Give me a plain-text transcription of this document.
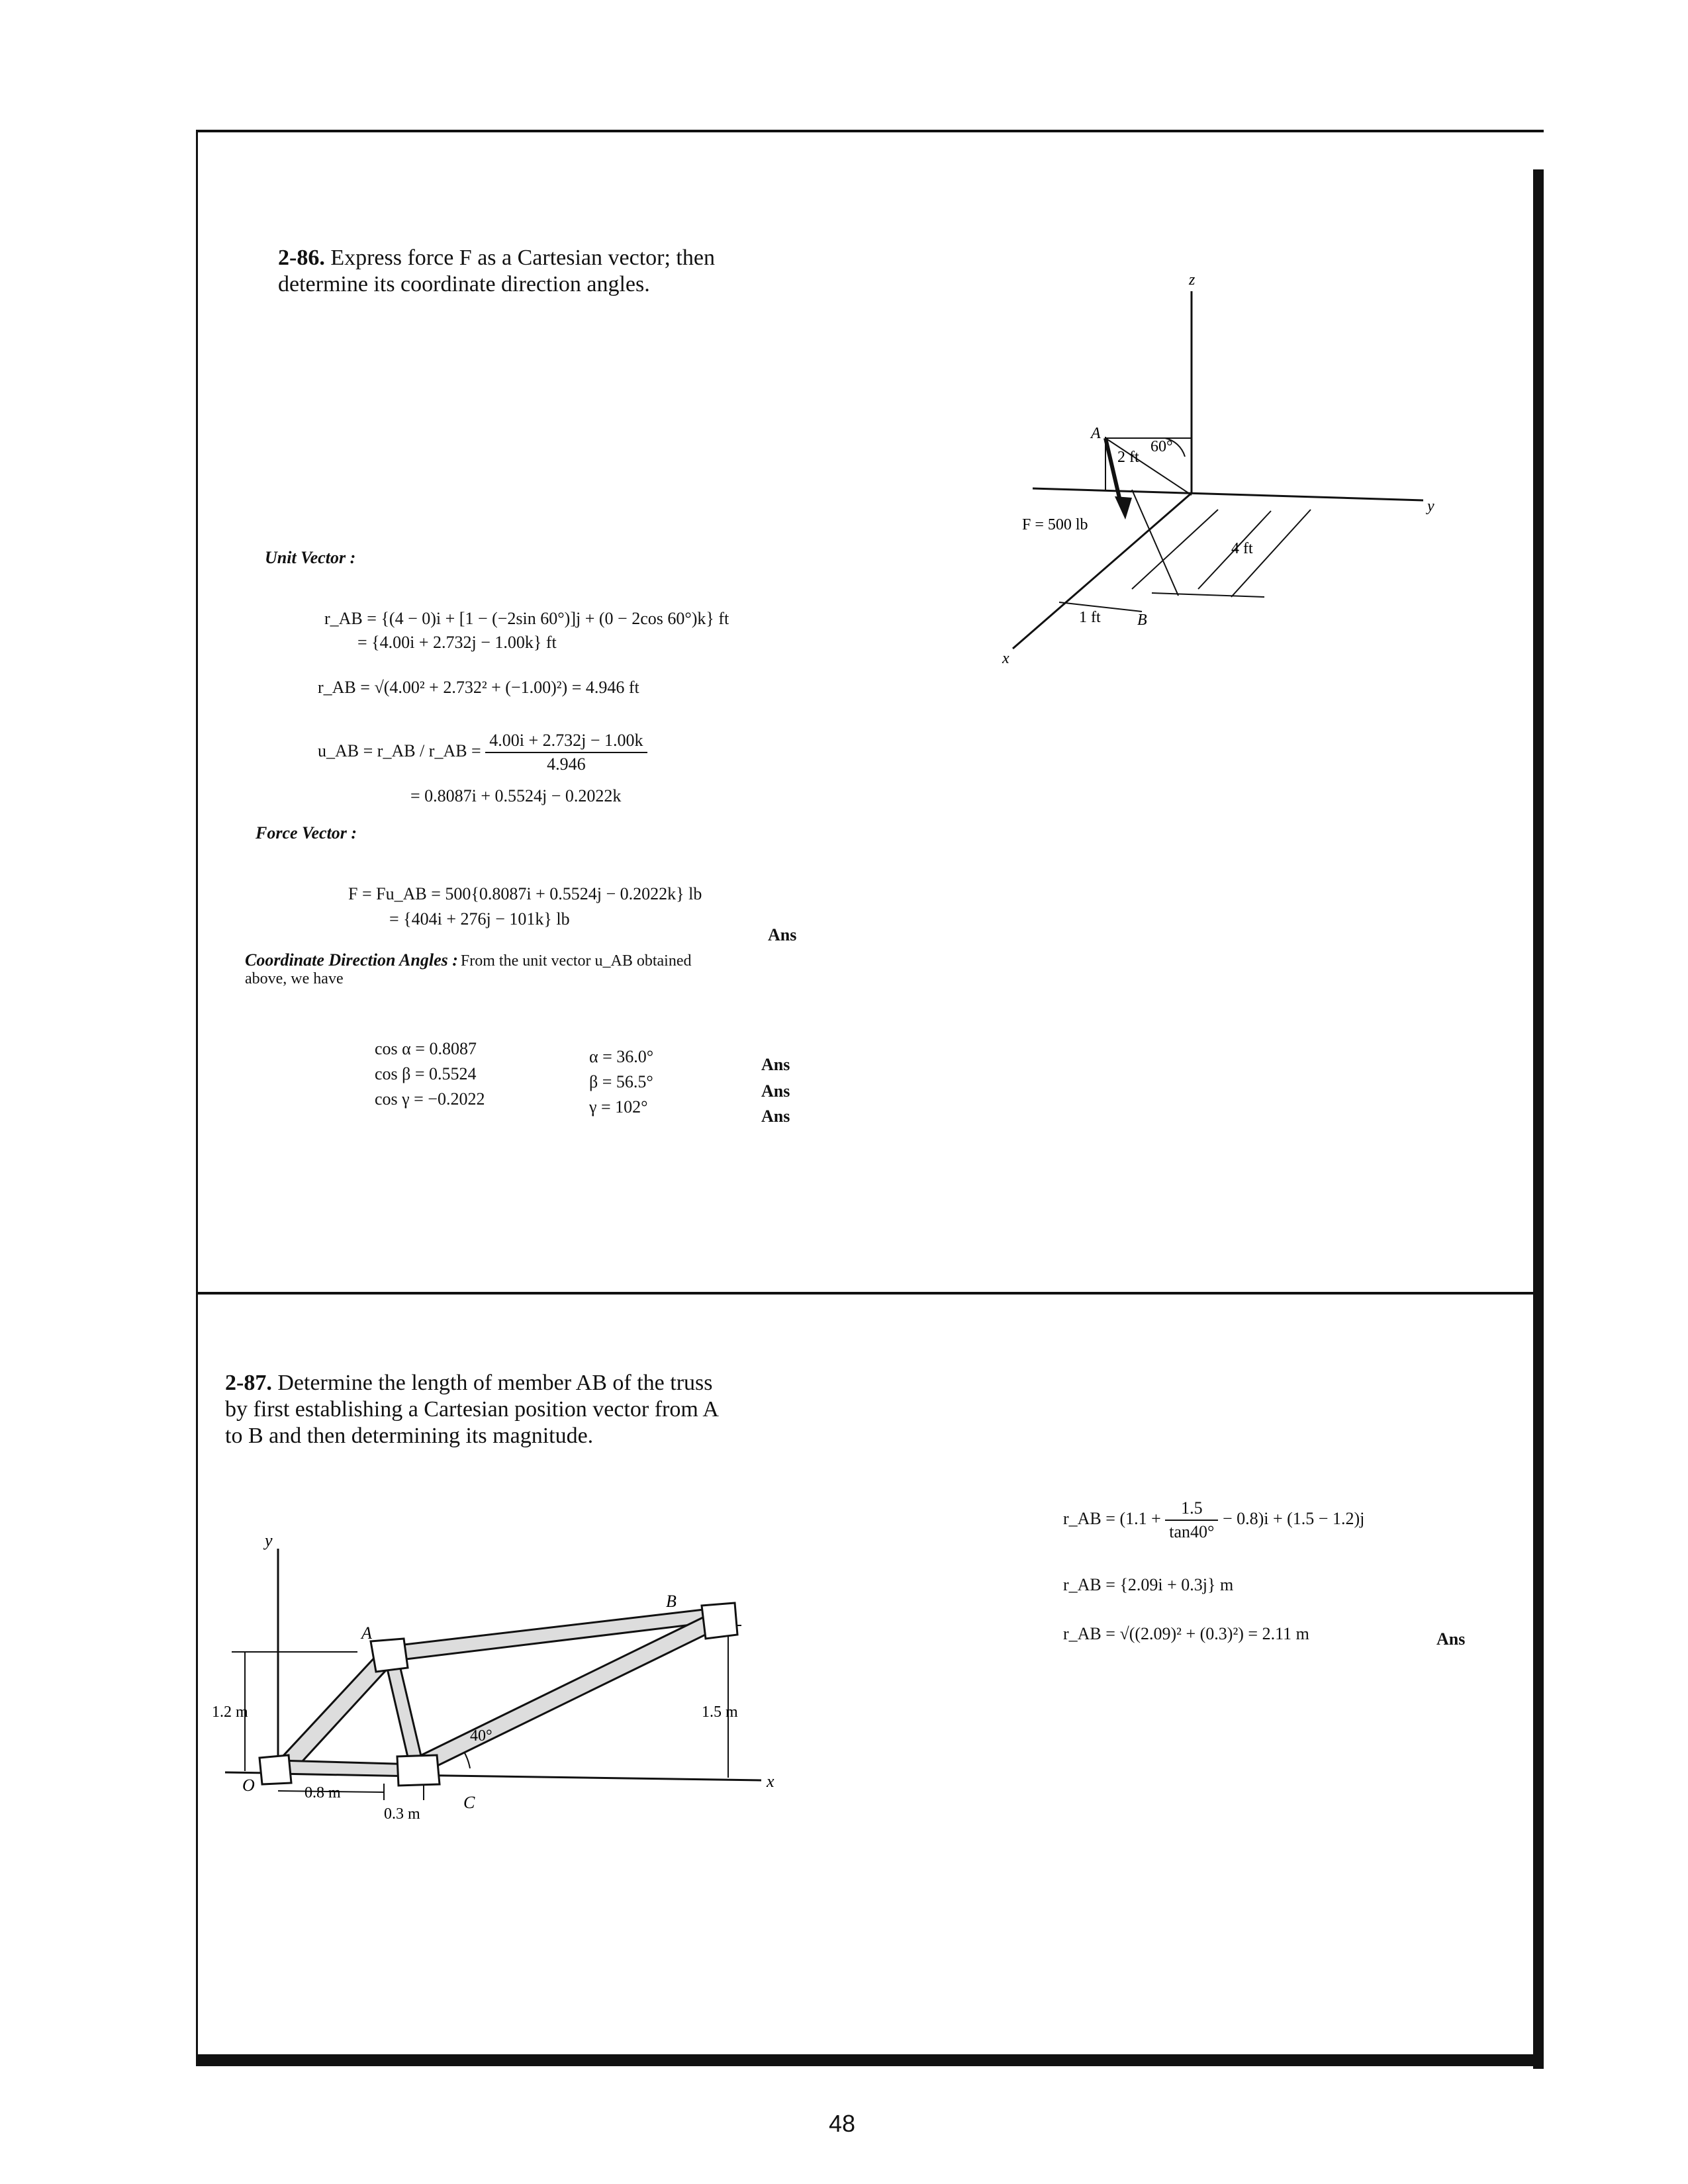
2-86. Express force F as a Cartesian vector; then
determine its coordinate direction angles.
Unit Vector :
r_AB = {(4 − 0)i + [1 − (−2sin 60°)]j + (0 − 2cos 60°)k} ft
= {4.00i + 2.732j − 1.00k} ft
r_AB = √(4.00² + 2.732² + (−1.00)²) = 4.946 ft
u_AB = r_AB / r_AB = $\frac{4.00i + 2.732j - 1.00k}{4.946}$
= 0.8087i + 0.5524j − 0.2022k
Force Vector :
F = Fu_AB = 500{0.8087i + 0.5524j − 0.2022k} lb
= {404i + 276j − 101k} lb
Ans
Coordinate Direction Angles : From the unit vector u_AB obtained
above, we have
cos α = 0.8087
cos β = 0.5524
cos γ = −0.2022
α = 36.0°
β = 56.5°
γ = 102°
Ans
Ans
Ans
z
y
x
A
B
2 ft
60°
F = 500 lb
4 ft
1 ft
2-87. Determine the length of member AB of the truss
by first establishing a Cartesian position vector from A
to B and then determining its magnitude.
r_AB = $(1.1 + \frac{1.5}{\tan 40^\circ} - 0.8)i + (1.5 - 1.2)j$
r_AB = {2.09i + 0.3j} m
r_AB = √((2.09)² + (0.3)²) = 2.11 m	Ans
y
x
O
A
B
C
1.2 m	1.5 m
0.8 m
0.3 m
40°
48
